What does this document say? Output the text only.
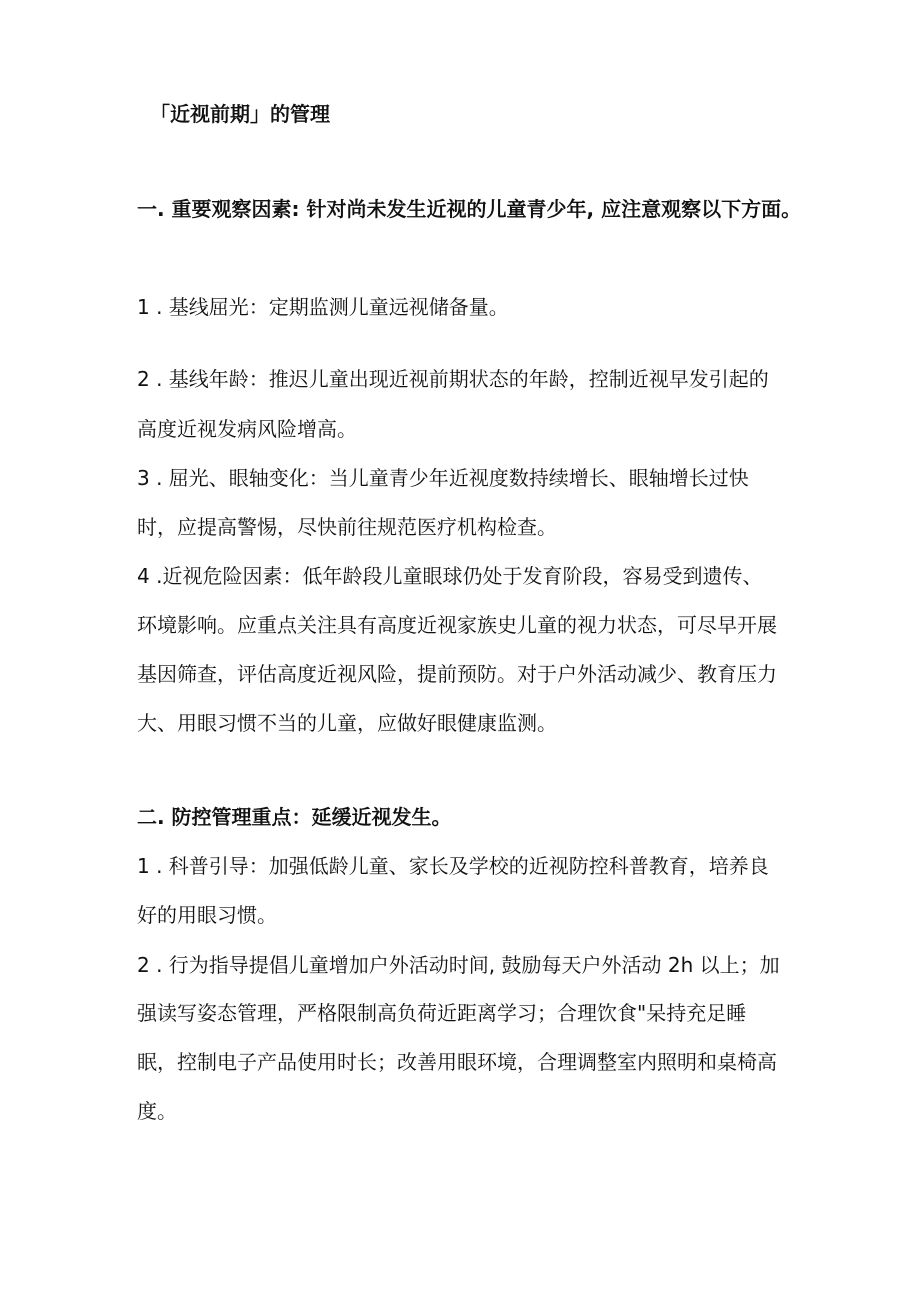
「近视前期」的管理
一. 重要观察因素: 针对尚未发生近视的儿童青少年, 应注意观察以下方面。
1 . 基线屈光：定期监测儿童远视储备量。
2 . 基线年龄：推迟儿童出现近视前期状态的年龄，控制近视早发引起的
高度近视发病风险增高。
3 . 屈光、眼轴变化：当儿童青少年近视度数持续增长、眼轴增长过快
时，应提高警惕，尽快前往规范医疗机构检查。
4 .近视危险因素：低年龄段儿童眼球仍处于发育阶段，容易受到遗传、
环境影响。应重点关注具有高度近视家族史儿童的视力状态，可尽早开展
基因筛查，评估高度近视风险，提前预防。对于户外活动减少、教育压力
大、用眼习惯不当的儿童，应做好眼健康监测。
二. 防控管理重点：延缓近视发生。
1 . 科普引导：加强低龄儿童、家长及学校的近视防控科普教育，培养良
好的用眼习惯。
2 . 行为指导提倡儿童增加户外活动时间, 鼓励每天户外活动 2h 以上；加
强读写姿态管理，严格限制高负荷近距离学习；合理饮食"呆持充足睡
眠，控制电子产品使用时长；改善用眼环境，合理调整室内照明和桌椅高
度。
